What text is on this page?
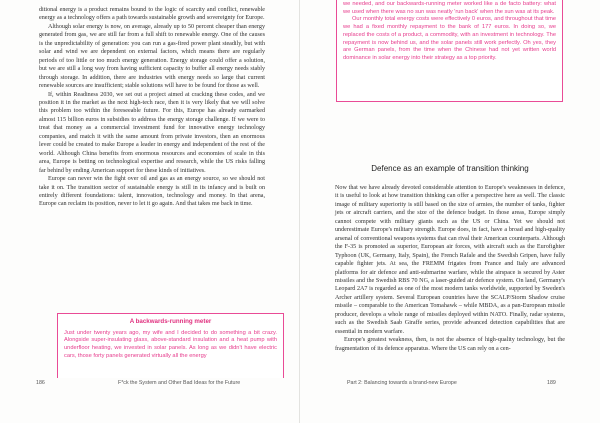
ditional energy is a product remains bound to the logic of scarcity and conflict, renewable energy as a technology offers a path towards sustainable growth and sovereignty for Europe.

Although solar energy is now, on average, already up to 50 percent cheaper than energy generated from gas, we are still far from a full shift to renewable energy. One of the causes is the unpredictability of generation: you can run a gas-fired power plant steadily, but with solar and wind we are dependent on external factors, which means there are regularly periods of too little or too much energy generation. Energy storage could offer a solution, but we are still a long way from having sufficient capacity to buffer all energy needs stably through storage. In addition, there are industries with energy needs so large that current renewable sources are insufficient; stable solutions will have to be found for those as well.

If, within Readiness 2030, we set out a project aimed at cracking these codes, and we position it in the market as the next high-tech race, then it is very likely that we will solve this problem too within the foreseeable future. For this, Europe has already earmarked almost 115 billion euros in subsidies to address the energy storage challenge. If we were to treat that money as a commercial investment fund for innovative energy technology companies, and match it with the same amount from private investors, then an enormous lever could be created to make Europe a leader in energy and independent of the rest of the world. Although China benefits from enormous resources and economies of scale in this area, Europe is betting on technological expertise and research, while the US risks falling far behind by ending American support for these kinds of initiatives.

Europe can never win the fight over oil and gas as an energy source, so we should not take it on. The transition sector of sustainable energy is still in its infancy and is built on entirely different foundations: talent, innovation, technology and money. In that arena, Europe can reclaim its position, never to let it go again. And that takes me back in time.

A backwards-running meter

Just under twenty years ago, my wife and I decided to do something a bit crazy. Alongside super-insulating glass, above-standard insulation and a heat pump with underfloor heating, we invested in solar panels. As long as we didn't have electric cars, those forty panels generated virtually all the energy

we needed, and our backwards-running meter worked like a de facto battery: what we used when there was no sun was neatly 'run back' when the sun was at its peak.

Our monthly total energy costs were effectively 0 euros, and throughout that time we had a fixed monthly repayment to the bank of 177 euros. In doing so, we replaced the costs of a product, a commodity, with an investment in technology. The repayment is now behind us, and the solar panels still work perfectly. Oh yes, they are German panels, from the time when the Chinese had not yet written world dominance in solar energy into their strategy as a top priority.

Defence as an example of transition thinking

Now that we have already devoted considerable attention to Europe's weaknesses in defence, it is useful to look at how transition thinking can offer a perspective here as well. The classic image of military superiority is still based on the size of armies, the number of tanks, fighter jets or aircraft carriers, and the size of the defence budget. In those areas, Europe simply cannot compete with military giants such as the US or China. Yet we should not underestimate Europe's military strength. Europe does, in fact, have a broad and high-quality arsenal of conventional weapons systems that can rival their American counterparts. Although the F-35 is promoted as superior, European air forces, with aircraft such as the Eurofighter Typhoon (UK, Germany, Italy, Spain), the French Rafale and the Swedish Gripen, have fully capable fighter jets. At sea, the FREMM frigates from France and Italy are advanced platforms for air defence and anti-submarine warfare, while the airspace is secured by Aster missiles and the Swedish RBS 70 NG, a laser-guided air defence system. On land, Germany's Leopard 2A7 is regarded as one of the most modern tanks worldwide, supported by Sweden's Archer artillery system. Several European countries have the SCALP/Storm Shadow cruise missile – comparable to the American Tomahawk – while MBDA, as a pan-European missile producer, develops a whole range of missiles deployed within NATO. Finally, radar systems, such as the Swedish Saab Giraffe series, provide advanced detection capabilities that are essential in modern warfare.

Europe's greatest weakness, then, is not the absence of high-quality technology, but the fragmentation of its defence apparatus. Where the US can rely on a cen-

186	F*ck the System and Other Bad Ideas for the Future	Part 2: Balancing towards a brand-new Europe	189
